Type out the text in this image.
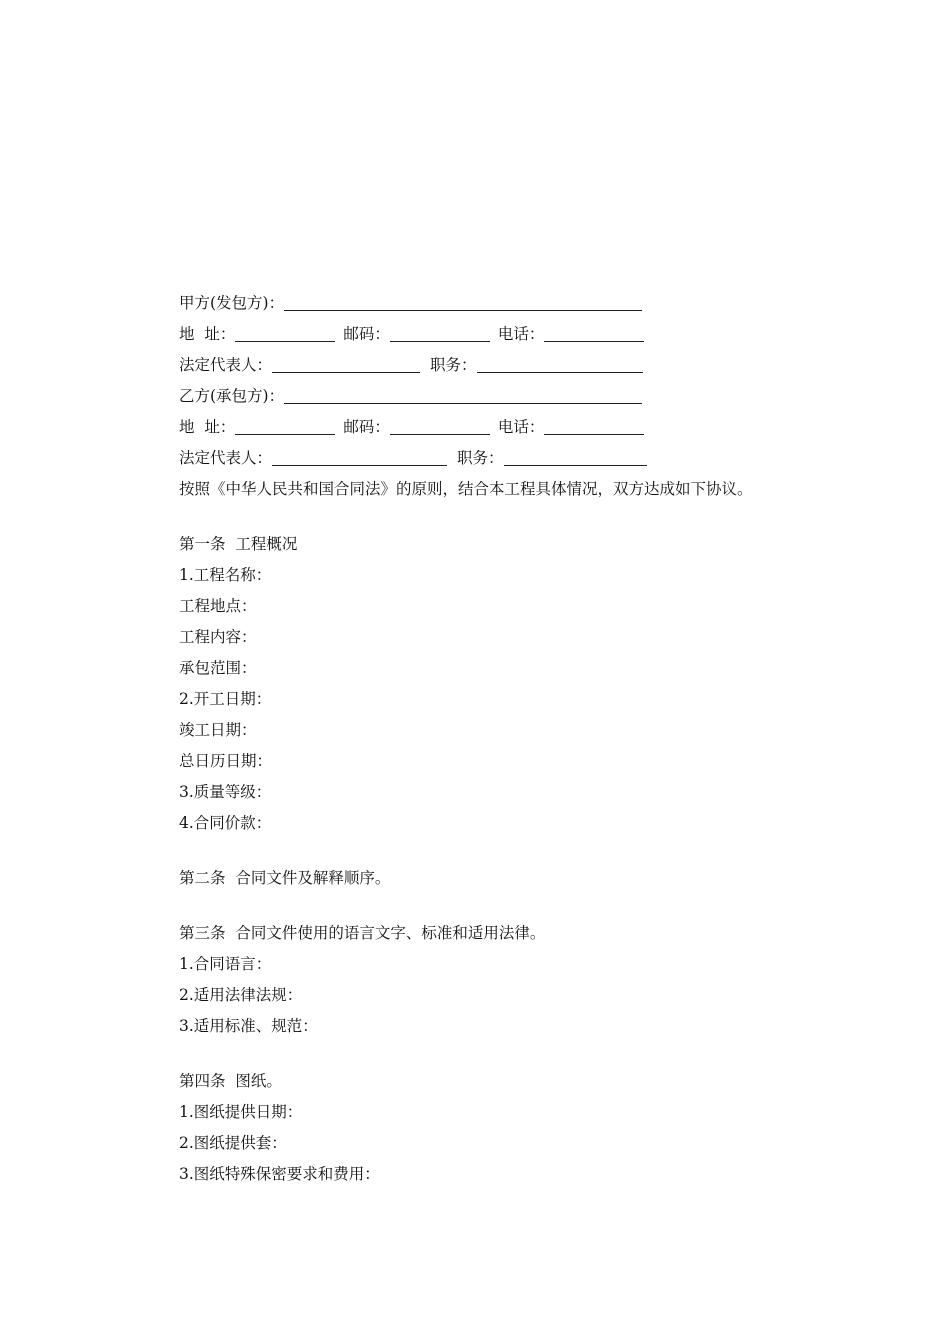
甲方(发包方)：
地  址：	邮码：	电话：
法定代表人：	职务：
乙方(承包方)：
地  址：	邮码：	电话：
法定代表人：	职务：
按照《中华人民共和国合同法》的原则，结合本工程具体情况，双方达成如下协议。
第一条  工程概况
1.工程名称：
工程地点：
工程内容：
承包范围：
2.开工日期：
竣工日期：
总日历日期：
3.质量等级：
4.合同价款：
第二条  合同文件及解释顺序。
第三条  合同文件使用的语言文字、标准和适用法律。
1.合同语言：
2.适用法律法规：
3.适用标准、规范：
第四条  图纸。
1.图纸提供日期：
2.图纸提供套：
3.图纸特殊保密要求和费用：
